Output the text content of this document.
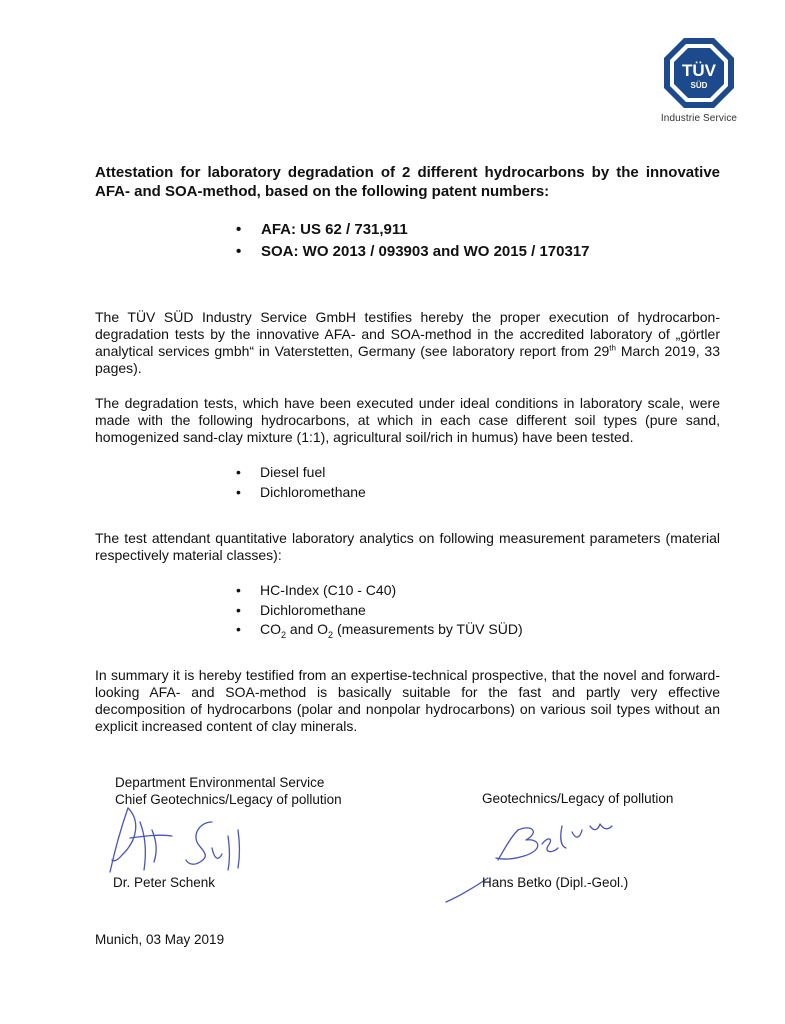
TÜV
SÜD
Industrie Service

Attestation for laboratory degradation of 2 different hydrocarbons by the innovative AFA- and SOA-method, based on the following patent numbers:

• AFA: US 62 / 731,911
• SOA: WO 2013 / 093903 and WO 2015 / 170317

The TÜV SÜD Industry Service GmbH testifies hereby the proper execution of hydrocarbon-degradation tests by the innovative AFA- and SOA-method in the accredited laboratory of „görtler analytical services gmbh“ in Vaterstetten, Germany (see laboratory report from 29th March 2019, 33 pages).

The degradation tests, which have been executed under ideal conditions in laboratory scale, were made with the following hydrocarbons, at which in each case different soil types (pure sand, homogenized sand-clay mixture (1:1), agricultural soil/rich in humus) have been tested.

• Diesel fuel
• Dichloromethane

The test attendant quantitative laboratory analytics on following measurement parameters (material respectively material classes):

• HC-Index (C10 - C40)
• Dichloromethane
• $CO_2$ and $O_2$ (measurements by TÜV SÜD)

In summary it is hereby testified from an expertise-technical prospective, that the novel and forward-looking AFA- and SOA-method is basically suitable for the fast and partly very effective decomposition of hydrocarbons (polar and nonpolar hydrocarbons) on various soil types without an explicit increased content of clay minerals.

Department Environmental Service
Chief Geotechnics/Legacy of pollution
Dr. Peter Schenk
Geotechnics/Legacy of pollution
Hans Betko (Dipl.-Geol.)
Munich, 03 May 2019
